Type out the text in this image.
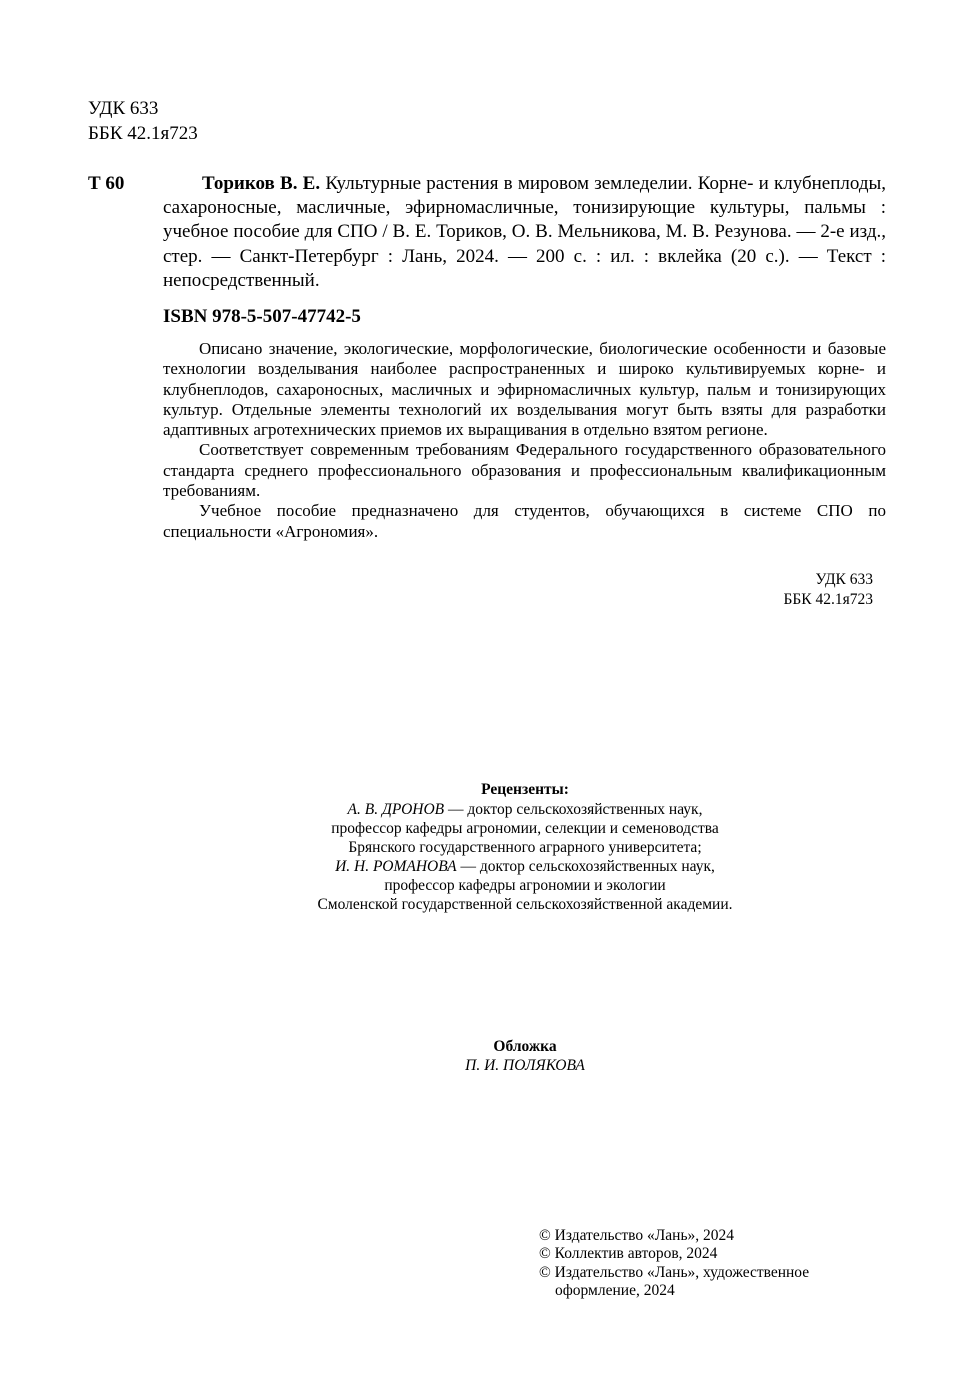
УДК 633
ББК 42.1я723
Т 60	Ториков В. Е. Культурные растения в мировом земледелии. Корне- и клубнеплоды, сахароносные, масличные, эфирномасличные, тонизирующие культуры, пальмы : учебное пособие для СПО / В. Е. Ториков, О. В. Мельникова, М. В. Резунова. — 2-е изд., стер. — Санкт-Петербург : Лань, 2024. — 200 с. : ил. : вклейка (20 с.). — Текст : непосредственный.
ISBN 978-5-507-47742-5

Описано значение, экологические, морфологические, биологические особенности и базовые технологии возделывания наиболее распространенных и широко культивируемых корне- и клубнеплодов, сахароносных, масличных и эфирномасличных культур, пальм и тонизирующих культур. Отдельные элементы технологий их возделывания могут быть взяты для разработки адаптивных агротехнических приемов их выращивания в отдельно взятом регионе.

Соответствует современным требованиям Федерального государственного образовательного стандарта среднего профессионального образования и профессиональным квалификационным требованиям.

Учебное пособие предназначено для студентов, обучающихся в системе СПО по специальности «Агрономия».

УДК 633
ББК 42.1я723
Рецензенты:
А. В. ДРОНОВ — доктор сельскохозяйственных наук,
профессор кафедры агрономии, селекции и семеноводства
Брянского государственного аграрного университета;
И. Н. РОМАНОВА — доктор сельскохозяйственных наук,
профессор кафедры агрономии и экологии
Смоленской государственной сельскохозяйственной академии.
Обложка
П. И. ПОЛЯКОВА
© Издательство «Лань», 2024
© Коллектив авторов, 2024
© Издательство «Лань», художественное
оформление, 2024
